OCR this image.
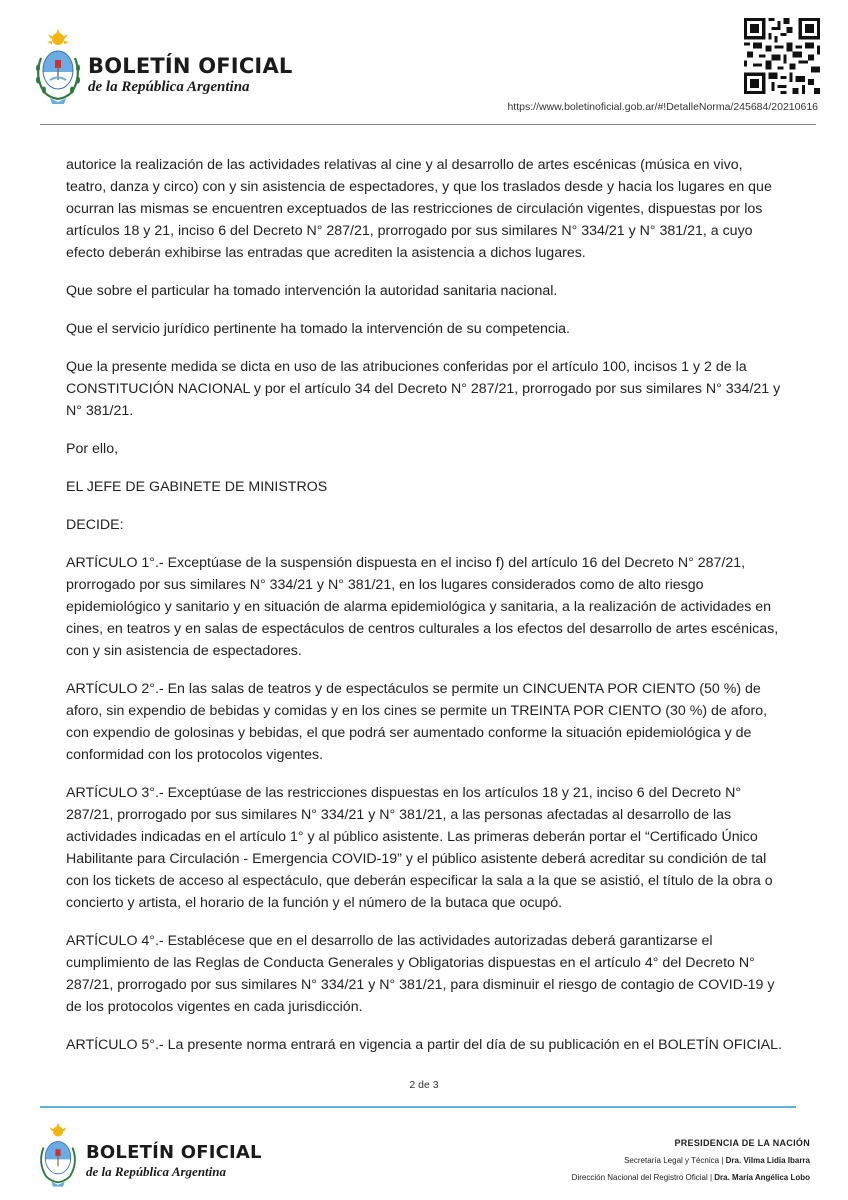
BOLETÍN OFICIAL
de la República Argentina
https://www.boletinoficial.gob.ar/#!DetalleNorma/245684/20210616

autorice la realización de las actividades relativas al cine y al desarrollo de artes escénicas (música en vivo, teatro, danza y circo) con y sin asistencia de espectadores, y que los traslados desde y hacia los lugares en que ocurran las mismas se encuentren exceptuados de las restricciones de circulación vigentes, dispuestas por los artículos 18 y 21, inciso 6 del Decreto N° 287/21, prorrogado por sus similares N° 334/21 y N° 381/21, a cuyo efecto deberán exhibirse las entradas que acrediten la asistencia a dichos lugares.

Que sobre el particular ha tomado intervención la autoridad sanitaria nacional.

Que el servicio jurídico pertinente ha tomado la intervención de su competencia.

Que la presente medida se dicta en uso de las atribuciones conferidas por el artículo 100, incisos 1 y 2 de la CONSTITUCIÓN NACIONAL y por el artículo 34 del Decreto N° 287/21, prorrogado por sus similares N° 334/21 y N° 381/21.

Por ello,

EL JEFE DE GABINETE DE MINISTROS

DECIDE:

ARTÍCULO 1°.- Exceptúase de la suspensión dispuesta en el inciso f) del artículo 16 del Decreto N° 287/21, prorrogado por sus similares N° 334/21 y N° 381/21, en los lugares considerados como de alto riesgo epidemiológico y sanitario y en situación de alarma epidemiológica y sanitaria, a la realización de actividades en cines, en teatros y en salas de espectáculos de centros culturales a los efectos del desarrollo de artes escénicas, con y sin asistencia de espectadores.

ARTÍCULO 2°.- En las salas de teatros y de espectáculos se permite un CINCUENTA POR CIENTO (50 %) de aforo, sin expendio de bebidas y comidas y en los cines se permite un TREINTA POR CIENTO (30 %) de aforo, con expendio de golosinas y bebidas, el que podrá ser aumentado conforme la situación epidemiológica y de conformidad con los protocolos vigentes.

ARTÍCULO 3°.- Exceptúase de las restricciones dispuestas en los artículos 18 y 21, inciso 6 del Decreto N° 287/21, prorrogado por sus similares N° 334/21 y N° 381/21, a las personas afectadas al desarrollo de las actividades indicadas en el artículo 1° y al público asistente. Las primeras deberán portar el “Certificado Único Habilitante para Circulación - Emergencia COVID-19” y el público asistente deberá acreditar su condición de tal con los tickets de acceso al espectáculo, que deberán especificar la sala a la que se asistió, el título de la obra o concierto y artista, el horario de la función y el número de la butaca que ocupó.

ARTÍCULO 4°.- Establécese que en el desarrollo de las actividades autorizadas deberá garantizarse el cumplimiento de las Reglas de Conducta Generales y Obligatorias dispuestas en el artículo 4° del Decreto N° 287/21, prorrogado por sus similares N° 334/21 y N° 381/21, para disminuir el riesgo de contagio de COVID-19 y de los protocolos vigentes en cada jurisdicción.

ARTÍCULO 5°.- La presente norma entrará en vigencia a partir del día de su publicación en el BOLETÍN OFICIAL.

2 de 3
BOLETÍN OFICIAL
de la República Argentina
PRESIDENCIA DE LA NACIÓN
Secretaría Legal y Técnica | Dra. Vilma Lidia Ibarra
Dirección Nacional del Registro Oficial | Dra. María Angélica Lobo
